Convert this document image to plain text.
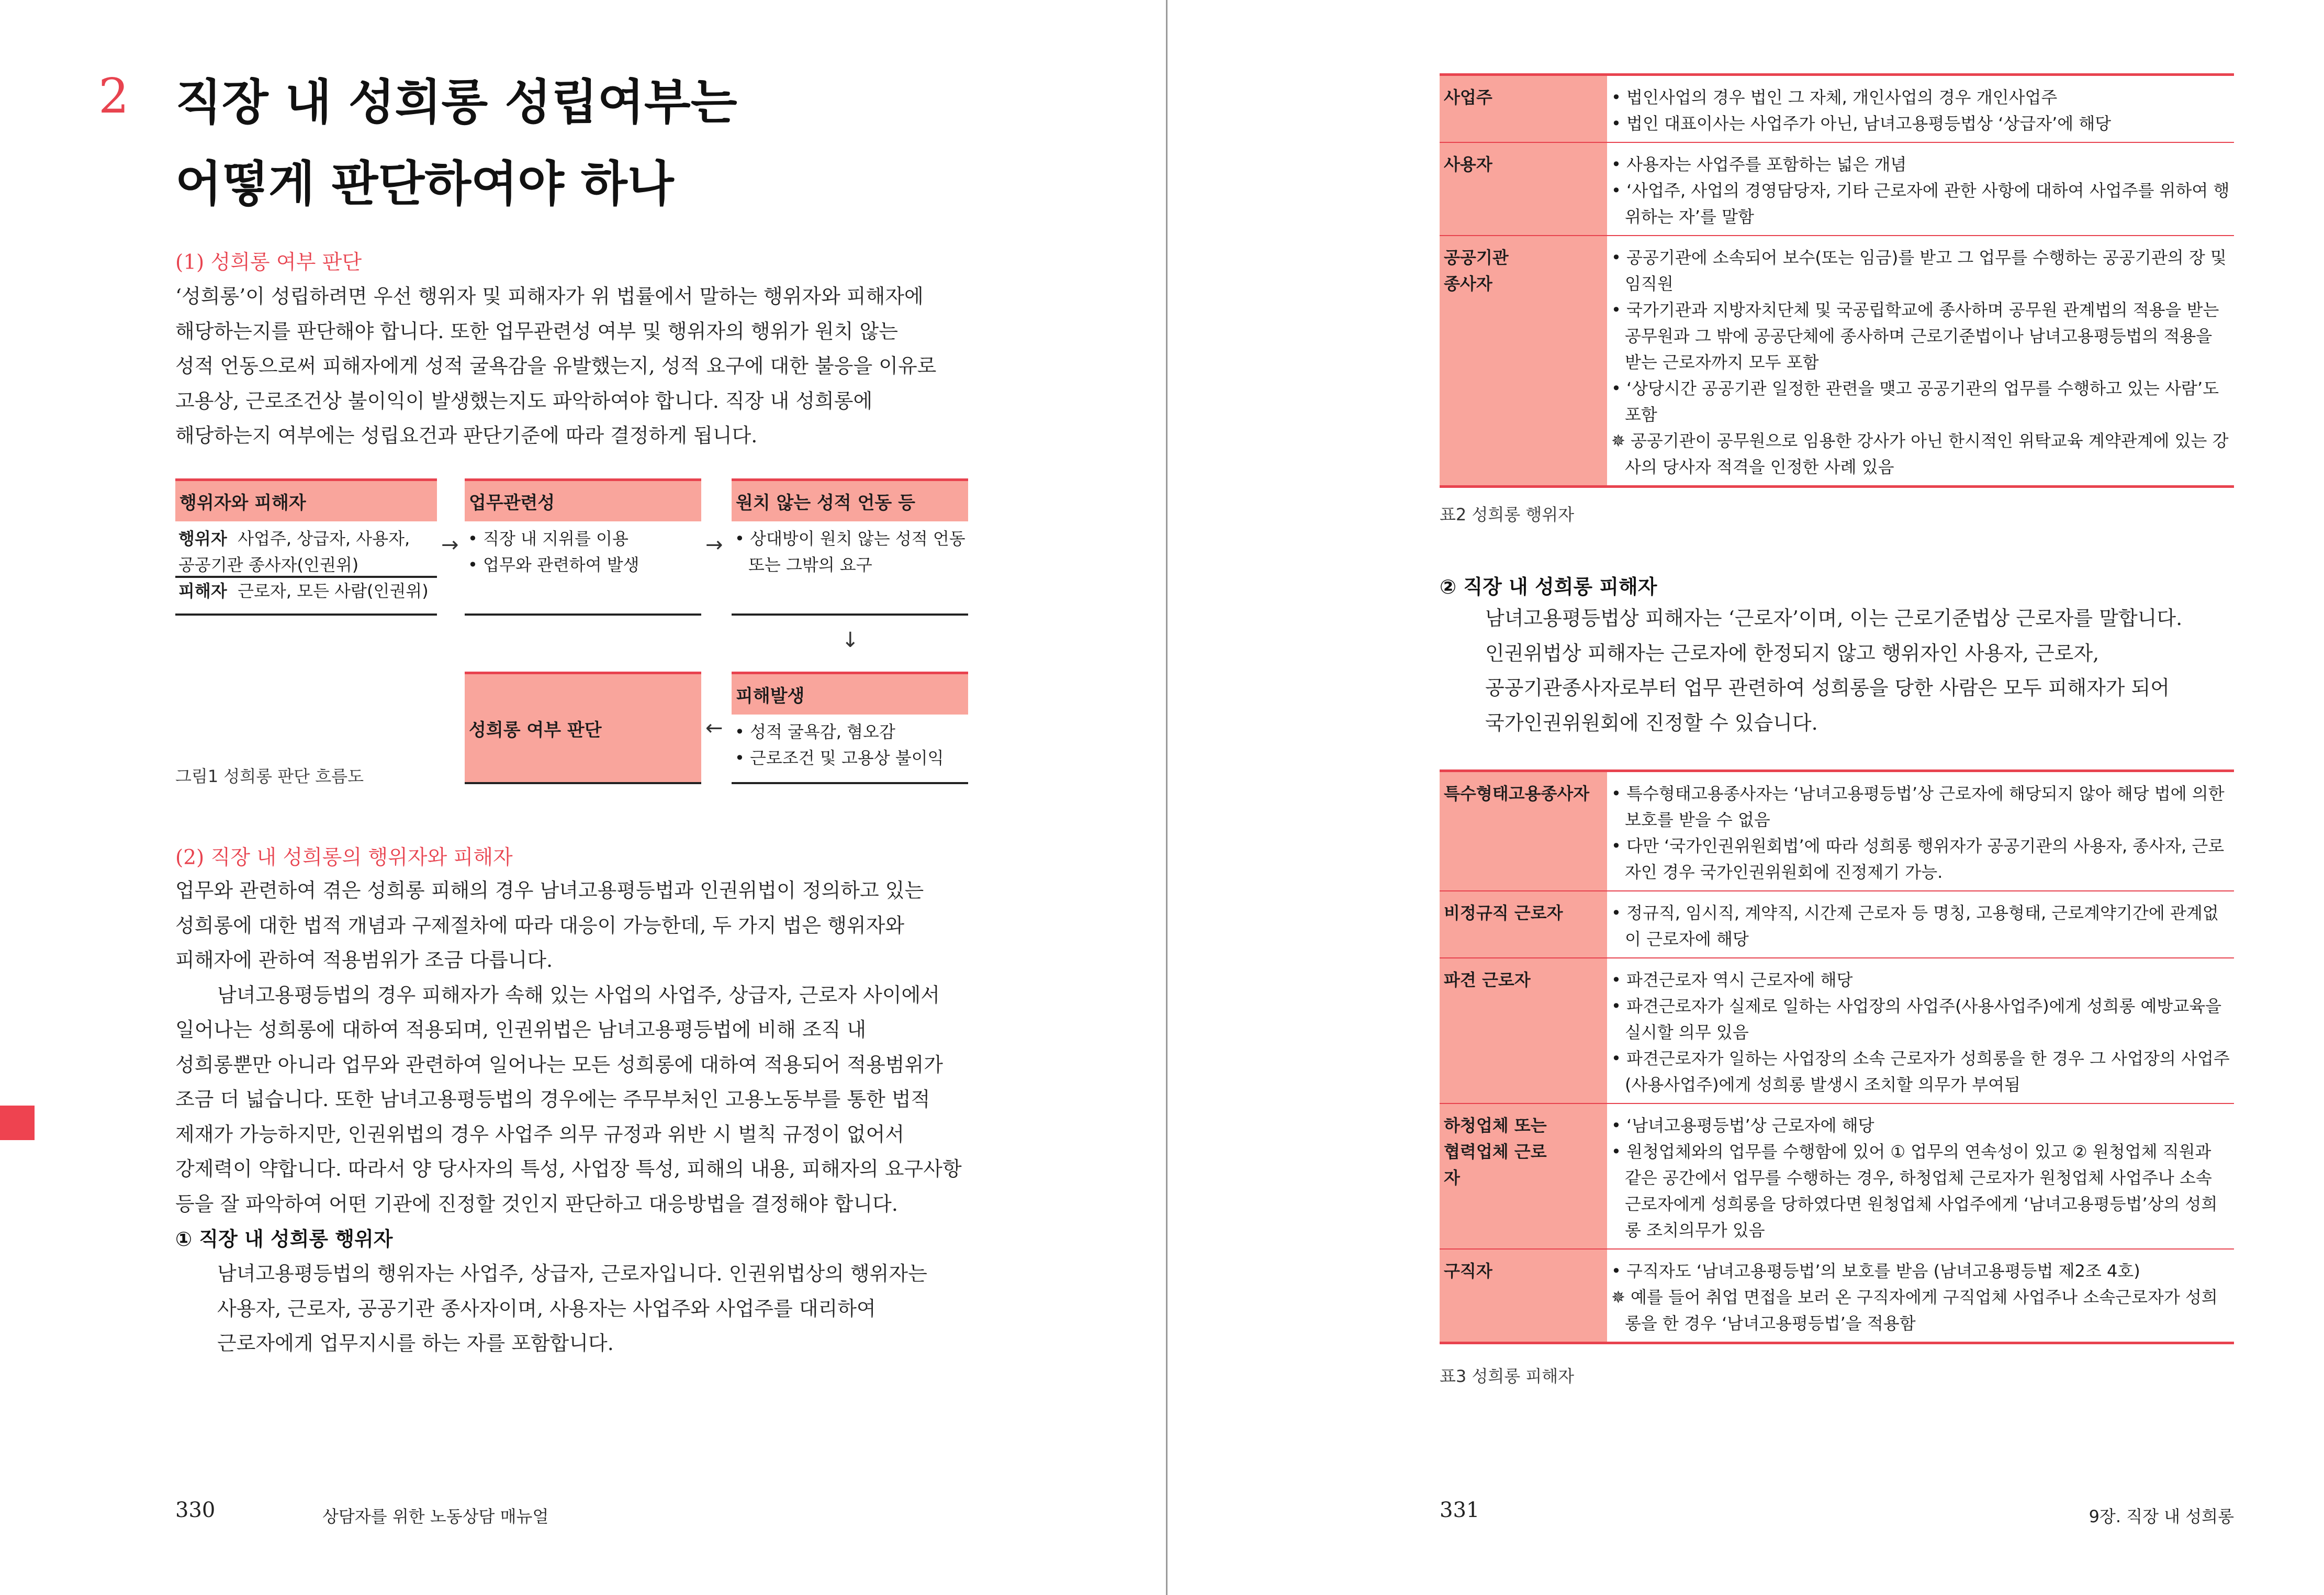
2 직장 내 성희롱 성립여부는
어떻게 판단하여야 하나
(1) 성희롱 여부 판단
‘성희롱’이 성립하려면 우선 행위자 및 피해자가 위 법률에서 말하는 행위자와 피해자에
해당하는지를 판단해야 합니다. 또한 업무관련성 여부 및 행위자의 행위가 원치 않는
성적 언동으로써 피해자에게 성적 굴욕감을 유발했는지, 성적 요구에 대한 불응을 이유로
고용상, 근로조건상 불이익이 발생했는지도 파악하여야 합니다. 직장 내 성희롱에
해당하는지 여부에는 성립요건과 판단기준에 따라 결정하게 됩니다.
행위자와 피해자
행위자 사업주, 상급자, 사용자,
공공기관 종사자(인권위)
피해자 근로자, 모든 사람(인권위)
→
업무관련성
• 직장 내 지위를 이용
• 업무와 관련하여 발생
→
원치 않는 성적 언동 등
• 상대방이 원치 않는 성적 언동
또는 그밖의 요구
↓
성희롱 여부 판단	←
피해발생
• 성적 굴욕감, 혐오감
• 근로조건 및 고용상 불이익
그림1 성희롱 판단 흐름도
(2) 직장 내 성희롱의 행위자와 피해자
업무와 관련하여 겪은 성희롱 피해의 경우 남녀고용평등법과 인권위법이 정의하고 있는
성희롱에 대한 법적 개념과 구제절차에 따라 대응이 가능한데, 두 가지 법은 행위자와
피해자에 관하여 적용범위가 조금 다릅니다.
남녀고용평등법의 경우 피해자가 속해 있는 사업의 사업주, 상급자, 근로자 사이에서
일어나는 성희롱에 대하여 적용되며, 인권위법은 남녀고용평등법에 비해 조직 내
성희롱뿐만 아니라 업무와 관련하여 일어나는 모든 성희롱에 대하여 적용되어 적용범위가
조금 더 넓습니다. 또한 남녀고용평등법의 경우에는 주무부처인 고용노동부를 통한 법적
제재가 가능하지만, 인권위법의 경우 사업주 의무 규정과 위반 시 벌칙 규정이 없어서
강제력이 약합니다. 따라서 양 당사자의 특성, 사업장 특성, 피해의 내용, 피해자의 요구사항
등을 잘 파악하여 어떤 기관에 진정할 것인지 판단하고 대응방법을 결정해야 합니다.
① 직장 내 성희롱 행위자
남녀고용평등법의 행위자는 사업주, 상급자, 근로자입니다. 인권위법상의 행위자는
사용자, 근로자, 공공기관 종사자이며, 사용자는 사업주와 사업주를 대리하여
근로자에게 업무지시를 하는 자를 포함합니다.
330	상담자를 위한 노동상담 매뉴얼
사업주	• 법인사업의 경우 법인 그 자체, 개인사업의 경우 개인사업주
• 법인 대표이사는 사업주가 아닌, 남녀고용평등법상 ‘상급자’에 해당

사용자	• 사용자는 사업주를 포함하는 넓은 개념
• ‘사업주, 사업의 경영담당자, 기타 근로자에 관한 사항에 대하여 사업주를 위하여 행위하는 자’를 말함

공공기관 종사자	• 공공기관에 소속되어 보수(또는 임금)를 받고 그 업무를 수행하는 공공기관의 장 및 임직원
• 국가기관과 지방자치단체 및 국공립학교에 종사하며 공무원 관계법의 적용을 받는 공무원과 그 밖에 공공단체에 종사하며 근로기준법이나 남녀고용평등법의 적용을 받는 근로자까지 모두 포함
• ‘상당시간 공공기관 일정한 관련을 맺고 공공기관의 업무를 수행하고 있는 사람’도 포함
✵ 공공기관이 공무원으로 임용한 강사가 아닌 한시적인 위탁교육 계약관계에 있는 강사의 당사자 적격을 인정한 사례 있음
표2 성희롱 행위자
② 직장 내 성희롱 피해자
남녀고용평등법상 피해자는 ‘근로자’이며, 이는 근로기준법상 근로자를 말합니다.
인권위법상 피해자는 근로자에 한정되지 않고 행위자인 사용자, 근로자,
공공기관종사자로부터 업무 관련하여 성희롱을 당한 사람은 모두 피해자가 되어
국가인권위원회에 진정할 수 있습니다.
특수형태고용종사자	• 특수형태고용종사자는 ‘남녀고용평등법’상 근로자에 해당되지 않아 해당 법에 의한 보호를 받을 수 없음
• 다만 ‘국가인권위원회법’에 따라 성희롱 행위자가 공공기관의 사용자, 종사자, 근로자인 경우 국가인권위원회에 진정제기 가능.

비정규직 근로자	• 정규직, 임시직, 계약직, 시간제 근로자 등 명칭, 고용형태, 근로계약기간에 관계없이 근로자에 해당

파견 근로자	• 파견근로자 역시 근로자에 해당
• 파견근로자가 실제로 일하는 사업장의 사업주(사용사업주)에게 성희롱 예방교육을 실시할 의무 있음
• 파견근로자가 일하는 사업장의 소속 근로자가 성희롱을 한 경우 그 사업장의 사업주(사용사업주)에게 성희롱 발생시 조치할 의무가 부여됨

하청업체 또는 협력업체 근로자	• ‘남녀고용평등법’상 근로자에 해당
• 원청업체와의 업무를 수행함에 있어 ① 업무의 연속성이 있고 ② 원청업체 직원과 같은 공간에서 업무를 수행하는 경우, 하청업체 근로자가 원청업체 사업주나 소속 근로자에게 성희롱을 당하였다면 원청업체 사업주에게 ‘남녀고용평등법’상의 성희롱 조치의무가 있음

구직자	• 구직자도 ‘남녀고용평등법’의 보호를 받음 (남녀고용평등법 제2조 4호)
✵ 예를 들어 취업 면접을 보러 온 구직자에게 구직업체 사업주나 소속근로자가 성희롱을 한 경우 ‘남녀고용평등법’을 적용함
표3 성희롱 피해자
331	9장. 직장 내 성희롱
